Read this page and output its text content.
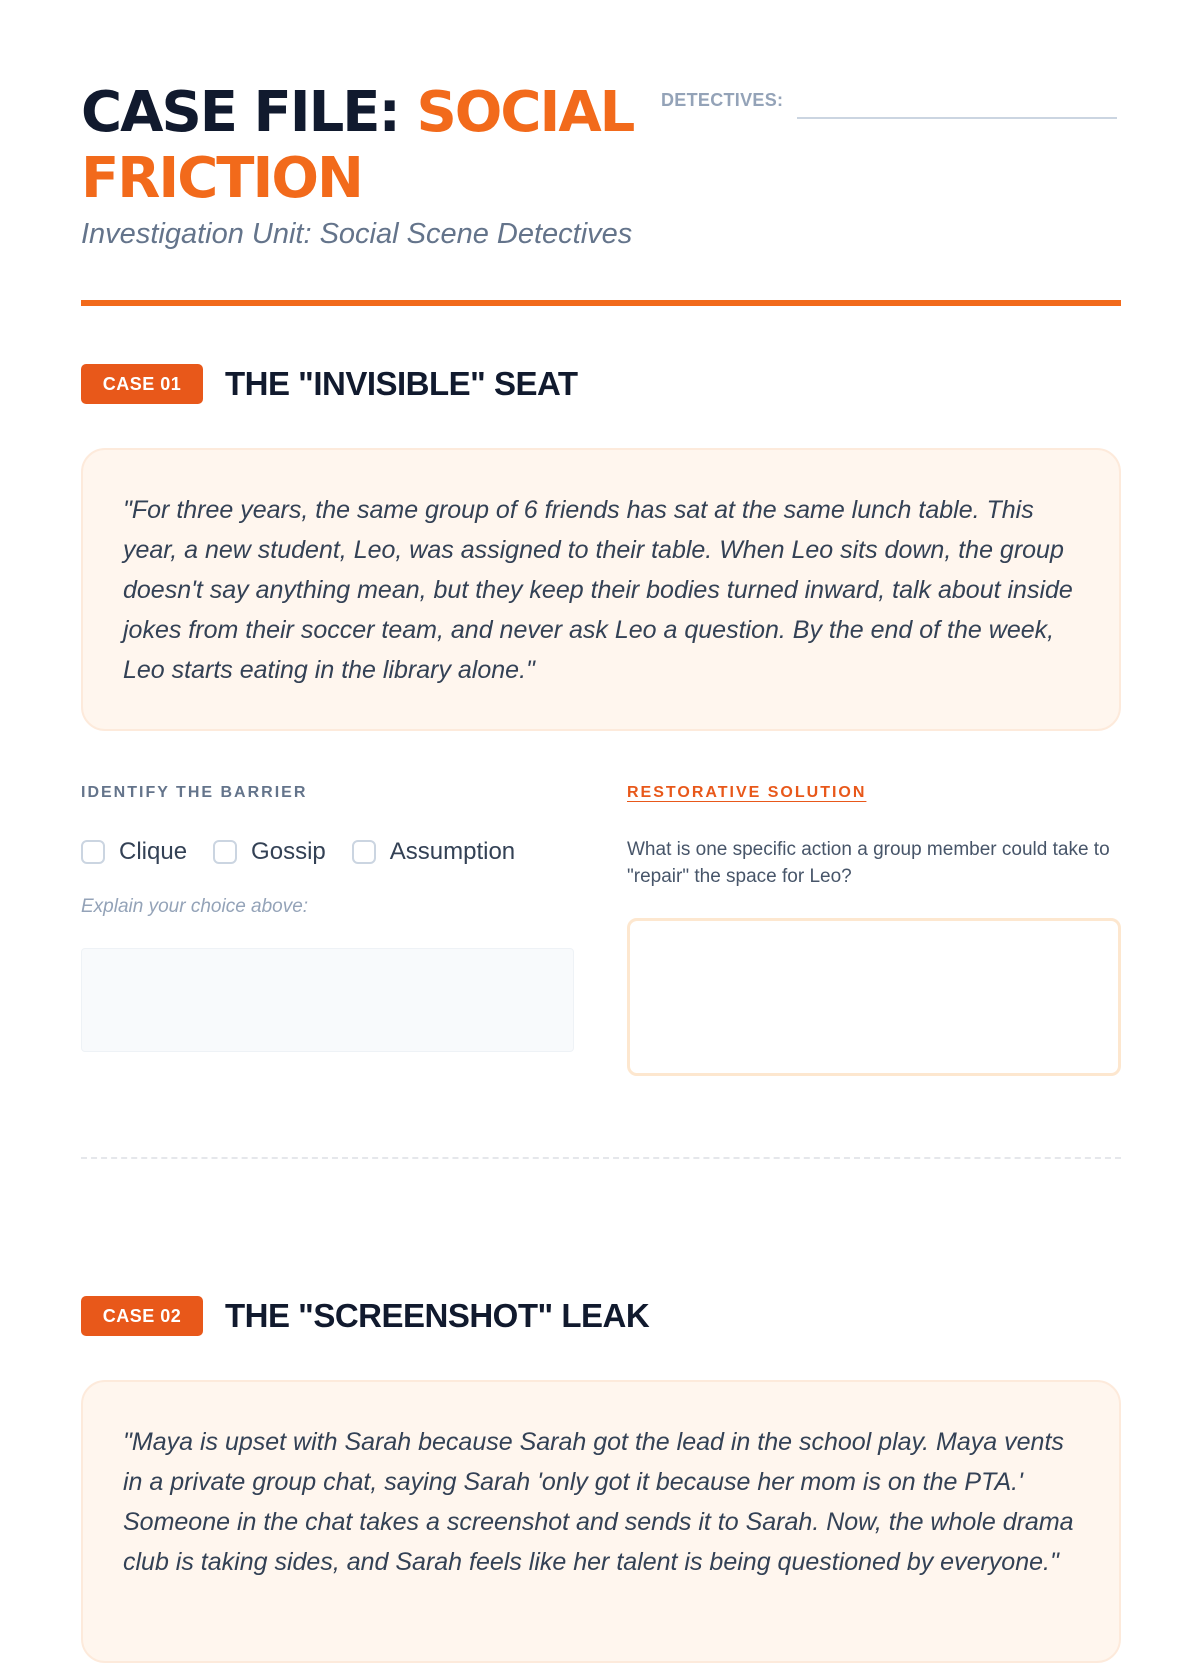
CASE FILE: SOCIAL FRICTION

Investigation Unit: Social Scene Detectives

DETECTIVES:
CASE 01	THE "INVISIBLE" SEAT

"For three years, the same group of 6 friends has sat at the same lunch table. This year, a new student, Leo, was assigned to their table. When Leo sits down, the group doesn't say anything mean, but they keep their bodies turned inward, talk about inside jokes from their soccer team, and never ask Leo a question. By the end of the week, Leo starts eating in the library alone."

IDENTIFY THE BARRIER

Clique	Gossip	Assumption
Explain your choice above:

RESTORATIVE SOLUTION

What is one specific action a group member could take to "repair" the space for Leo?
CASE 02	THE "SCREENSHOT" LEAK

"Maya is upset with Sarah because Sarah got the lead in the school play. Maya vents in a private group chat, saying Sarah 'only got it because her mom is on the PTA.' Someone in the chat takes a screenshot and sends it to Sarah. Now, the whole drama club is taking sides, and Sarah feels like her talent is being questioned by everyone."
